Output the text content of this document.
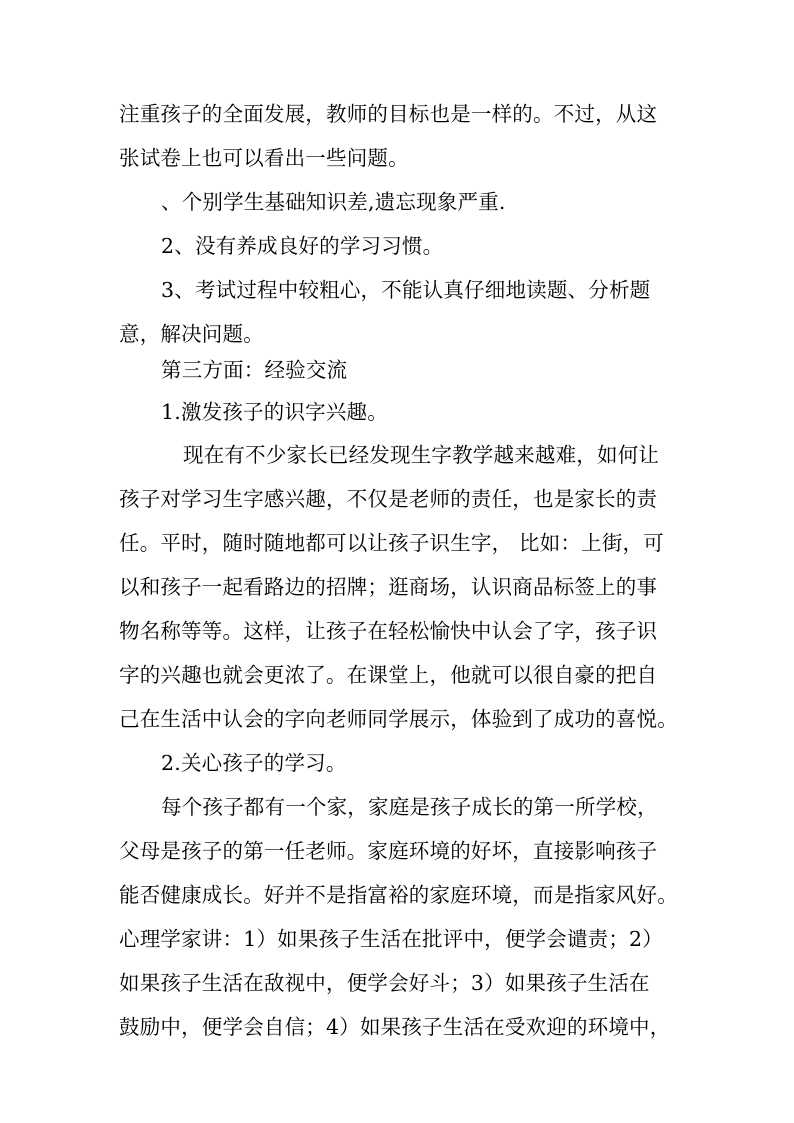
注重孩子的全面发展，教师的目标也是一样的。不过，从这
张试卷上也可以看出一些问题。
、个别学生基础知识差,遗忘现象严重.
2、没有养成良好的学习习惯。
3、考试过程中较粗心，不能认真仔细地读题、分析题
意，解决问题。
第三方面：经验交流
1.激发孩子的识字兴趣。
现在有不少家长已经发现生字教学越来越难，如何让
孩子对学习生字感兴趣，不仅是老师的责任，也是家长的责
任。平时，随时随地都可以让孩子识生字， 比如：上街，可
以和孩子一起看路边的招牌；逛商场，认识商品标签上的事
物名称等等。这样，让孩子在轻松愉快中认会了字，孩子识
字的兴趣也就会更浓了。在课堂上，他就可以很自豪的把自
己在生活中认会的字向老师同学展示，体验到了成功的喜悦。
2.关心孩子的学习。
每个孩子都有一个家，家庭是孩子成长的第一所学校，
父母是孩子的第一任老师。家庭环境的好坏，直接影响孩子
能否健康成长。好并不是指富裕的家庭环境，而是指家风好。
心理学家讲：1）如果孩子生活在批评中，便学会谴责；2）
如果孩子生活在敌视中，便学会好斗；3）如果孩子生活在
鼓励中，便学会自信；4）如果孩子生活在受欢迎的环境中，
